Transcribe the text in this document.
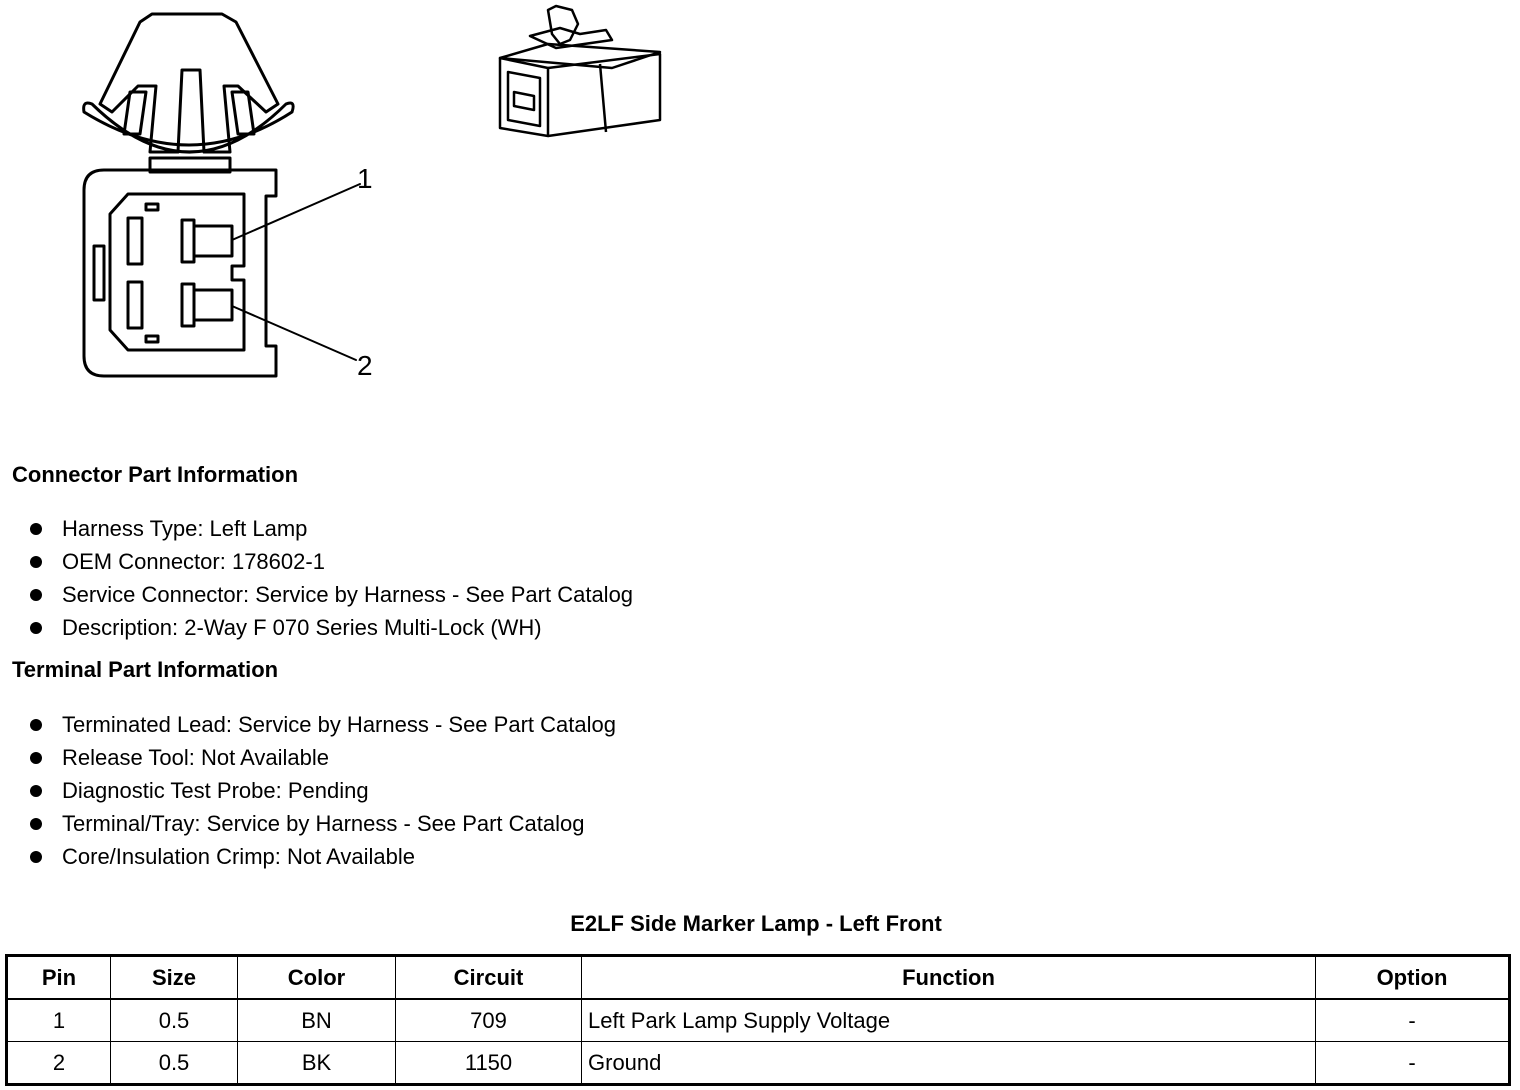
1
2
Connector Part Information
Harness Type: Left Lamp
OEM Connector: 178602-1
Service Connector: Service by Harness - See Part Catalog
Description: 2-Way F 070 Series Multi-Lock (WH)
Terminal Part Information
Terminated Lead: Service by Harness - See Part Catalog
Release Tool: Not Available
Diagnostic Test Probe: Pending
Terminal/Tray: Service by Harness - See Part Catalog
Core/Insulation Crimp: Not Available
E2LF Side Marker Lamp - Left Front
Pin	Size	Color	Circuit	Function	Option
1	0.5	BN	709	Left Park Lamp Supply Voltage	-
2	0.5	BK	1150	Ground	-
